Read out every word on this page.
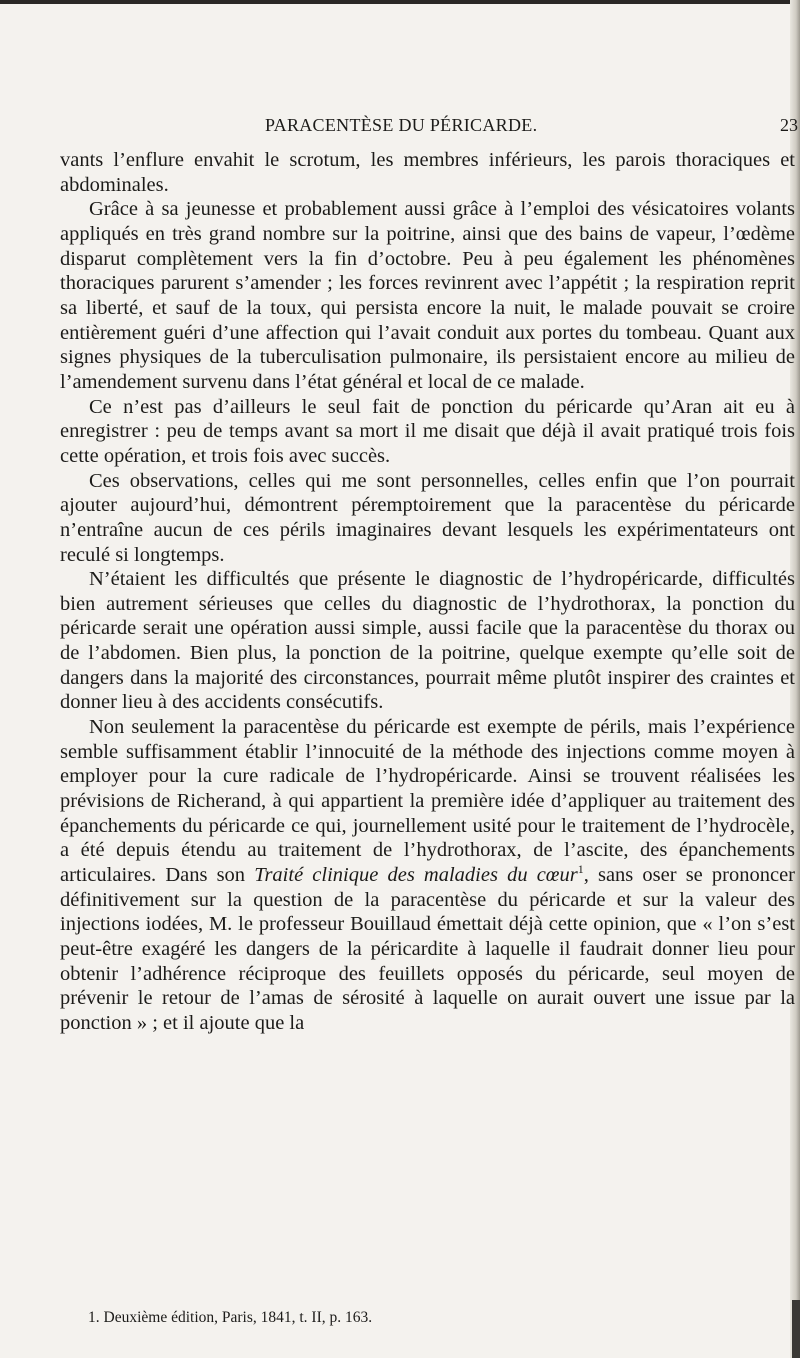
PARACENTÈSE DU PÉRICARDE.	23

vants l’enflure envahit le scrotum, les membres inférieurs, les parois thoraciques et abdominales.

Grâce à sa jeunesse et probablement aussi grâce à l’emploi des vésicatoires volants appliqués en très grand nombre sur la poitrine, ainsi que des bains de vapeur, l’œdème disparut complètement vers la fin d’octobre. Peu à peu également les phénomènes thoraciques parurent s’amender ; les forces revinrent avec l’appétit ; la respiration reprit sa liberté, et sauf de la toux, qui persista encore la nuit, le malade pouvait se croire entièrement guéri d’une affection qui l’avait conduit aux portes du tombeau. Quant aux signes physiques de la tuberculisation pulmonaire, ils persistaient encore au milieu de l’amendement survenu dans l’état général et local de ce malade.

Ce n’est pas d’ailleurs le seul fait de ponction du péricarde qu’Aran ait eu à enregistrer : peu de temps avant sa mort il me disait que déjà il avait pratiqué trois fois cette opération, et trois fois avec succès.

Ces observations, celles qui me sont personnelles, celles enfin que l’on pourrait ajouter aujourd’hui, démontrent péremptoirement que la paracentèse du péricarde n’entraîne aucun de ces périls imaginaires devant lesquels les expérimentateurs ont reculé si longtemps.

N’étaient les difficultés que présente le diagnostic de l’hydropéricarde, difficultés bien autrement sérieuses que celles du diagnostic de l’hydrothorax, la ponction du péricarde serait une opération aussi simple, aussi facile que la paracentèse du thorax ou de l’abdomen. Bien plus, la ponction de la poitrine, quelque exempte qu’elle soit de dangers dans la majorité des circonstances, pourrait même plutôt inspirer des craintes et donner lieu à des accidents consécutifs.

Non seulement la paracentèse du péricarde est exempte de périls, mais l’expérience semble suffisamment établir l’innocuité de la méthode des injections comme moyen à employer pour la cure radicale de l’hydropéricarde. Ainsi se trouvent réalisées les prévisions de Richerand, à qui appartient la première idée d’appliquer au traitement des épanchements du péricarde ce qui, journellement usité pour le traitement de l’hydrocèle, a été depuis étendu au traitement de l’hydrothorax, de l’ascite, des épanchements articulaires. Dans son Traité clinique des maladies du cœur$^1$, sans oser se prononcer définitivement sur la question de la paracentèse du péricarde et sur la valeur des injections iodées, M. le professeur Bouillaud émettait déjà cette opinion, que « l’on s’est peut-être exagéré les dangers de la péricardite à laquelle il faudrait donner lieu pour obtenir l’adhérence réciproque des feuillets opposés du péricarde, seul moyen de prévenir le retour de l’amas de sérosité à laquelle on aurait ouvert une issue par la ponction » ; et il ajoute que la

1. Deuxième édition, Paris, 1841, t. II, p. 163.
